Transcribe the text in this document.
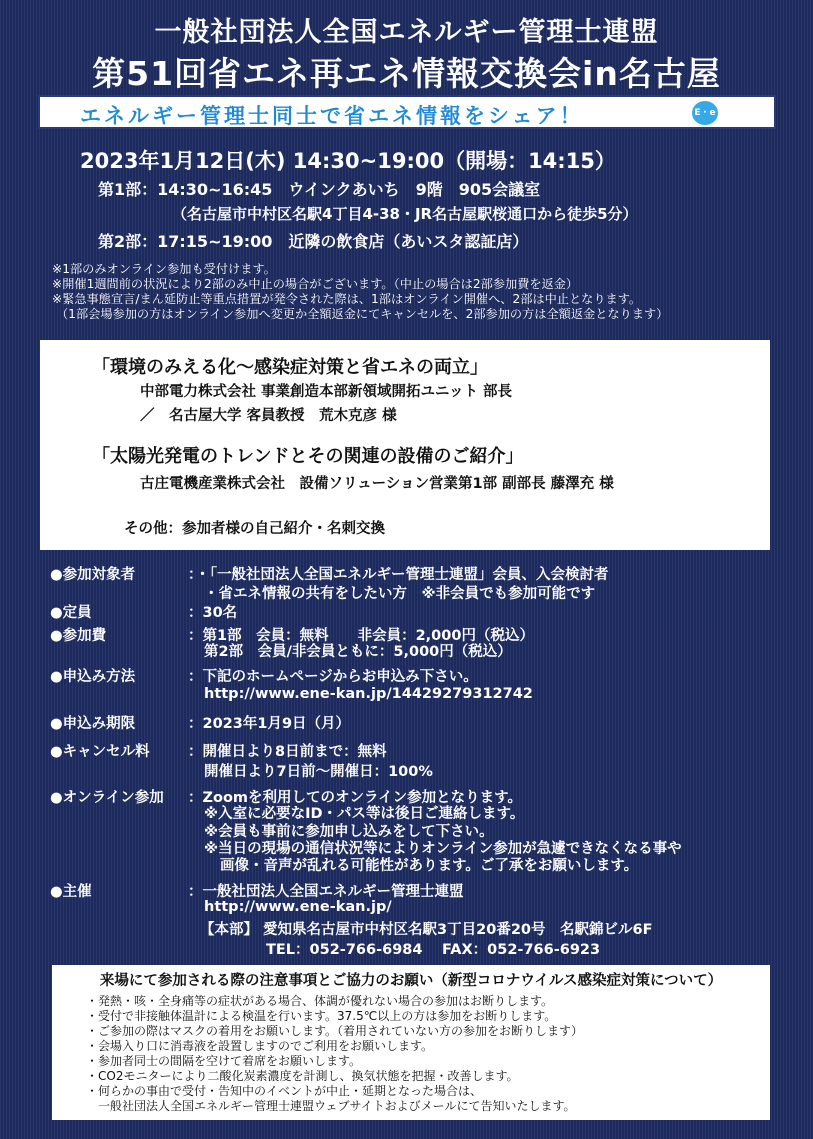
一般社団法人全国エネルギー管理士連盟
第51回省エネ再エネ情報交換会in名古屋
エネルギー管理士同士で省エネ情報をシェア！	E・e
2023年1月12日(木) 14:30~19:00（開場：14:15）
第1部：14:30~16:45　ウインクあいち　9階　905会議室
（名古屋市中村区名駅4丁目4-38・JR名古屋駅桜通口から徒歩5分）
第2部：17:15~19:00　近隣の飲食店（あいスタ認証店）
※1部のみオンライン参加も受付けます。
※開催1週間前の状況により2部のみ中止の場合がございます。（中止の場合は2部参加費を返金）
※緊急事態宣言/まん延防止等重点措置が発令された際は、1部はオンライン開催へ、2部は中止となります。
（1部会場参加の方はオンライン参加へ変更か全額返金にてキャンセルを、2部参加の方は全額返金となります）
「環境のみえる化～感染症対策と省エネの両立」
中部電力株式会社 事業創造本部新領域開拓ユニット 部長
／　名古屋大学 客員教授　荒木克彦 様
「太陽光発電のトレンドとその関連の設備のご紹介」
古庄電機産業株式会社　設備ソリューション営業第1部 副部長 藤澤充 様
その他：参加者様の自己紹介・名刺交換
●参加対象者	：・「一般社団法人全国エネルギー管理士連盟」会員、入会検討者
・省エネ情報の共有をしたい方　※非会員でも参加可能です
●定員	：30名
●参加費	：第1部　会員：無料　　非会員：2,000円（税込）
第2部　会員/非会員ともに：5,000円（税込）
●申込み方法	：下記のホームページからお申込み下さい。
http://www.ene-kan.jp/14429279312742
●申込み期限	：2023年1月9日（月）
●キャンセル料	：開催日より8日前まで：無料
開催日より7日前～開催日：100%
●オンライン参加 ：Zoomを利用してのオンライン参加となります。
※入室に必要なID・パス等は後日ご連絡します。
※会員も事前に参加申し込みをして下さい。
※当日の現場の通信状況等によりオンライン参加が急遽できなくなる事や
画像・音声が乱れる可能性があります。ご了承をお願いします。
●主催	：一般社団法人全国エネルギー管理士連盟
http://www.ene-kan.jp/
【本部】 愛知県名古屋市中村区名駅3丁目20番20号　名駅錦ビル6F
TEL：052-766-6984　 FAX：052-766-6923
来場にて参加される際の注意事項とご協力のお願い（新型コロナウイルス感染症対策について）
・発熱・咳・全身痛等の症状がある場合、体調が優れない場合の参加はお断りします。
・受付で非接触体温計による検温を行います。37.5℃以上の方は参加をお断りします。
・ご参加の際はマスクの着用をお願いします。（着用されていない方の参加をお断りします）
・会場入り口に消毒液を設置しますのでご利用をお願いします。
・参加者同士の間隔を空けて着席をお願いします。
・CO2モニターにより二酸化炭素濃度を計測し、換気状態を把握・改善します。
・何らかの事由で受付・告知中のイベントが中止・延期となった場合は、
　一般社団法人全国エネルギー管理士連盟ウェブサイトおよびメールにて告知いたします。
